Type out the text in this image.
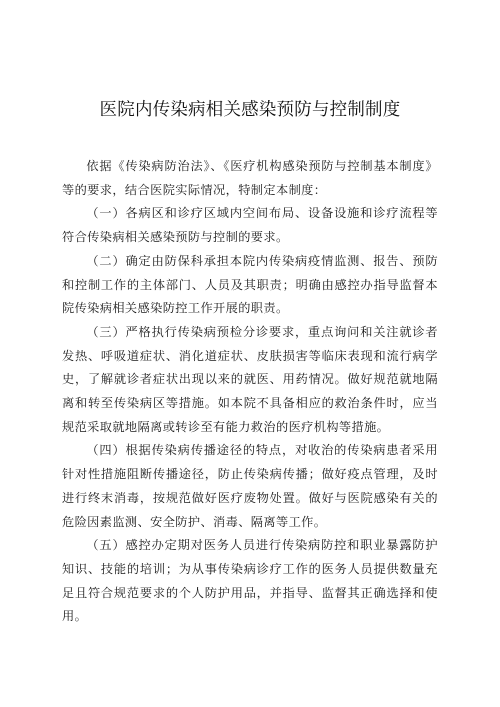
医院内传染病相关感染预防与控制制度

依据《传染病防治法》、《医疗机构感染预防与控制基本制度》等的要求，结合医院实际情况，特制定本制度：

（一）各病区和诊疗区域内空间布局、设备设施和诊疗流程等符合传染病相关感染预防与控制的要求。

（二）确定由防保科承担本院内传染病疫情监测、报告、预防和控制工作的主体部门、人员及其职责；明确由感控办指导监督本院传染病相关感染防控工作开展的职责。

（三）严格执行传染病预检分诊要求，重点询问和关注就诊者发热、呼吸道症状、消化道症状、皮肤损害等临床表现和流行病学史，了解就诊者症状出现以来的就医、用药情况。做好规范就地隔离和转至传染病区等措施。如本院不具备相应的救治条件时，应当规范采取就地隔离或转诊至有能力救治的医疗机构等措施。

（四）根据传染病传播途径的特点，对收治的传染病患者采用针对性措施阻断传播途径，防止传染病传播；做好疫点管理，及时进行终末消毒，按规范做好医疗废物处置。做好与医院感染有关的危险因素监测、安全防护、消毒、隔离等工作。

（五）感控办定期对医务人员进行传染病防控和职业暴露防护知识、技能的培训；为从事传染病诊疗工作的医务人员提供数量充足且符合规范要求的个人防护用品，并指导、监督其正确选择和使用。
